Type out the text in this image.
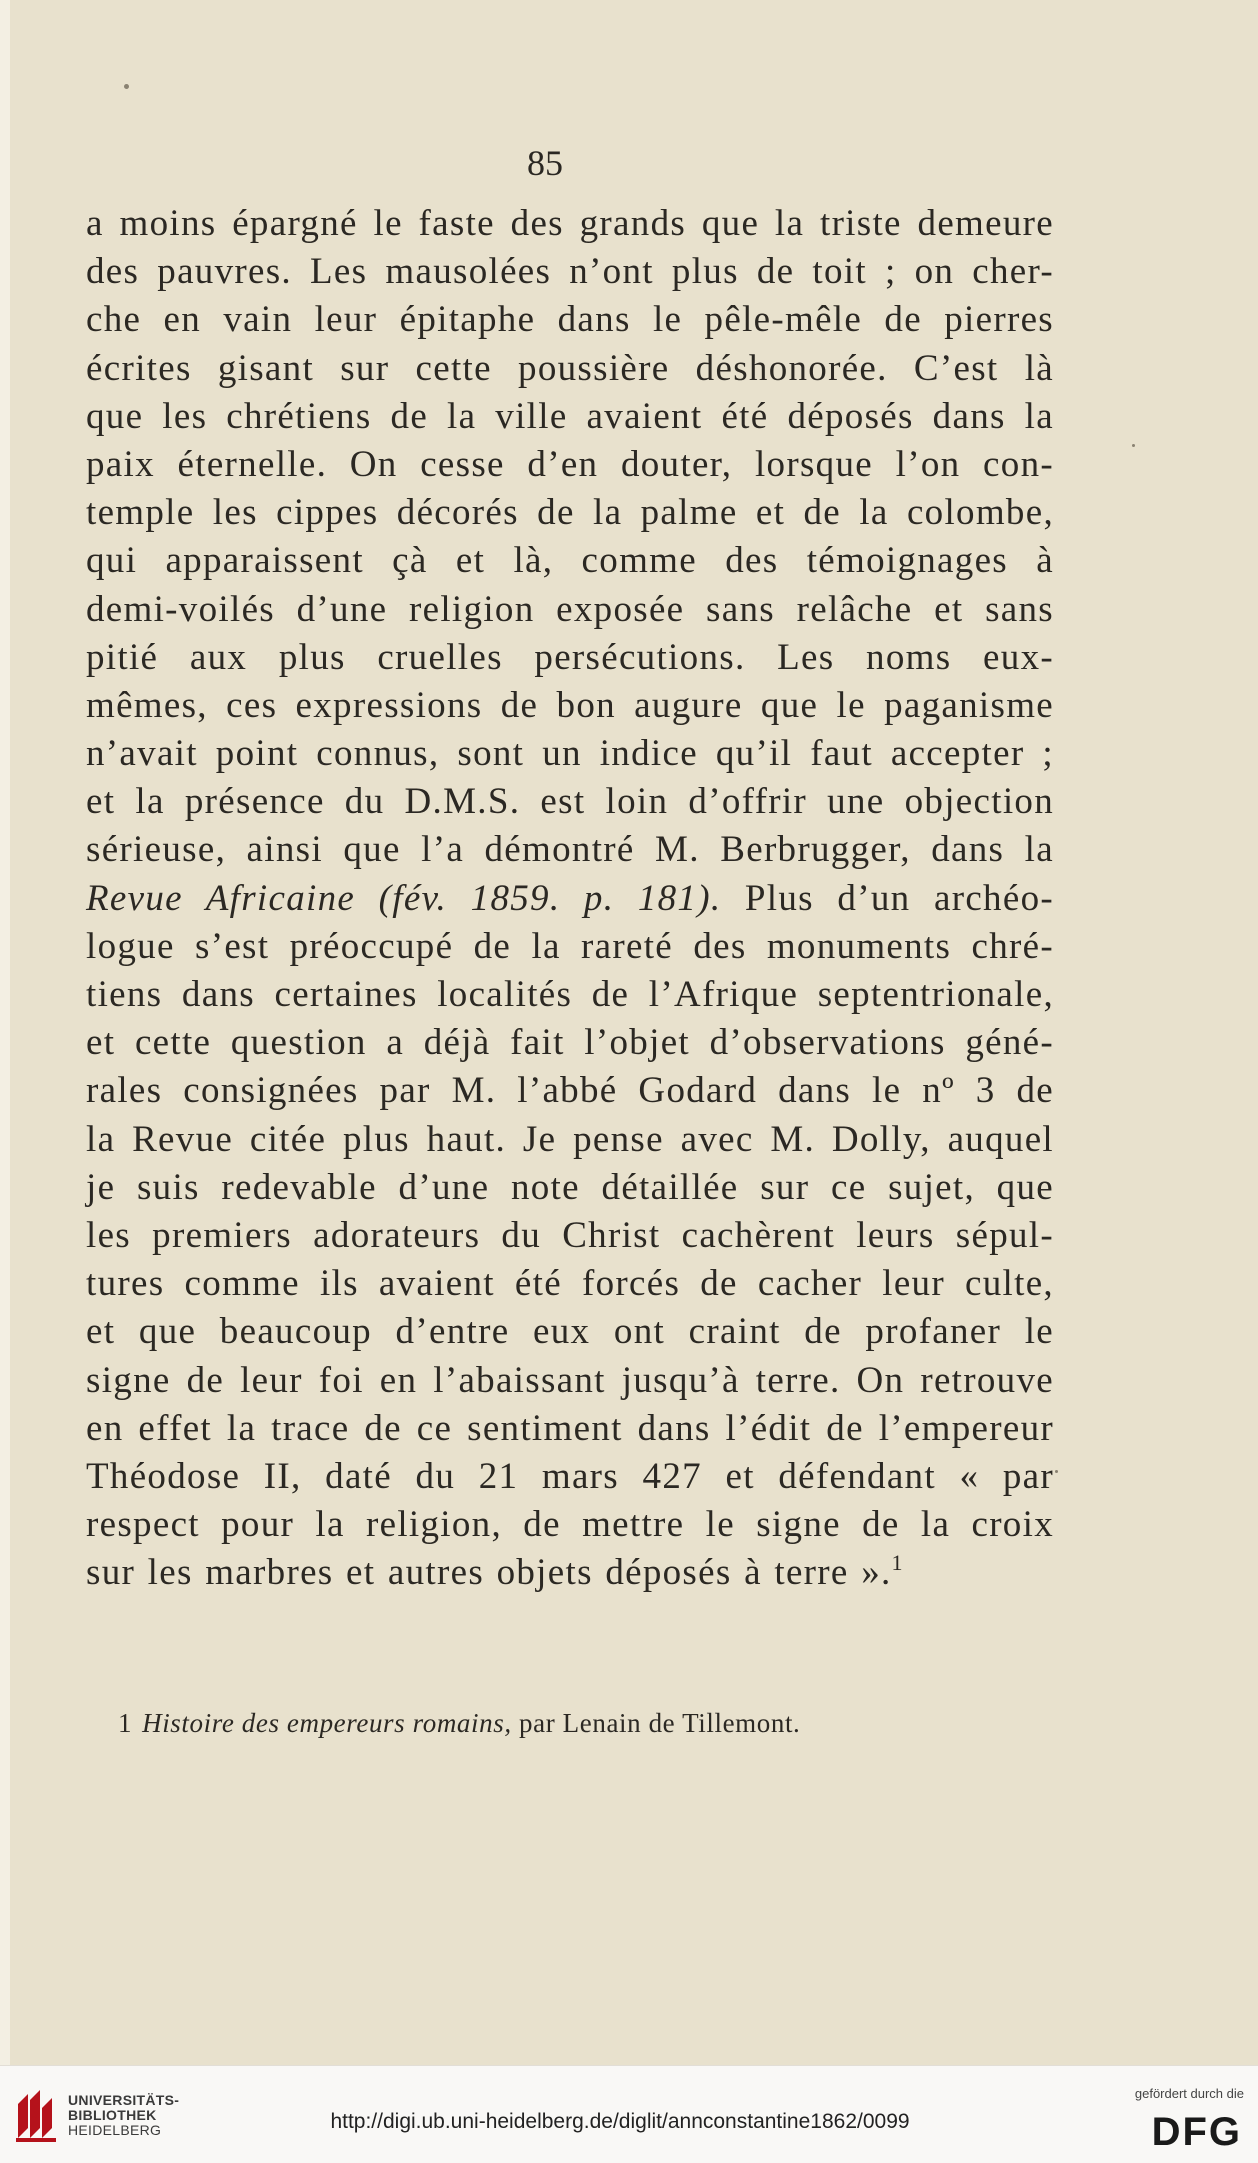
85
a moins épargné le faste des grands que la triste demeure
des pauvres. Les mausolées n’ont plus de toit ; on cher-
che en vain leur épitaphe dans le pêle-mêle de pierres
écrites gisant sur cette poussière déshonorée. C’est là
que les chrétiens de la ville avaient été déposés dans la
paix éternelle. On cesse d’en douter, lorsque l’on con-
temple les cippes décorés de la palme et de la colombe,
qui apparaissent çà et là, comme des témoignages à
demi-voilés d’une religion exposée sans relâche et sans
pitié aux plus cruelles persécutions. Les noms eux-
mêmes, ces expressions de bon augure que le paganisme
n’avait point connus, sont un indice qu’il faut accepter ;
et la présence du D.M.S. est loin d’offrir une objection
sérieuse, ainsi que l’a démontré M. Berbrugger, dans la
Revue Africaine (fév. 1859. p. 181). Plus d’un archéo-
logue s’est préoccupé de la rareté des monuments chré-
tiens dans certaines localités de l’Afrique septentrionale,
et cette question a déjà fait l’objet d’observations géné-
rales consignées par M. l’abbé Godard dans le nº 3 de
la Revue citée plus haut. Je pense avec M. Dolly, auquel
je suis redevable d’une note détaillée sur ce sujet, que
les premiers adorateurs du Christ cachèrent leurs sépul-
tures comme ils avaient été forcés de cacher leur culte,
et que beaucoup d’entre eux ont craint de profaner le
signe de leur foi en l’abaissant jusqu’à terre. On retrouve
en effet la trace de ce sentiment dans l’édit de l’empereur
Théodose II, daté du 21 mars 427 et défendant « par
respect pour la religion, de mettre le signe de la croix
sur les marbres et autres objets déposés à terre ».$^1$
1 Histoire des empereurs romains, par Lenain de Tillemont.
UNIVERSITÄTS-
BIBLIOTHEK
HEIDELBERG	http://digi.ub.uni-heidelberg.de/diglit/annconstantine1862/0099
gefördert durch die
DFG
